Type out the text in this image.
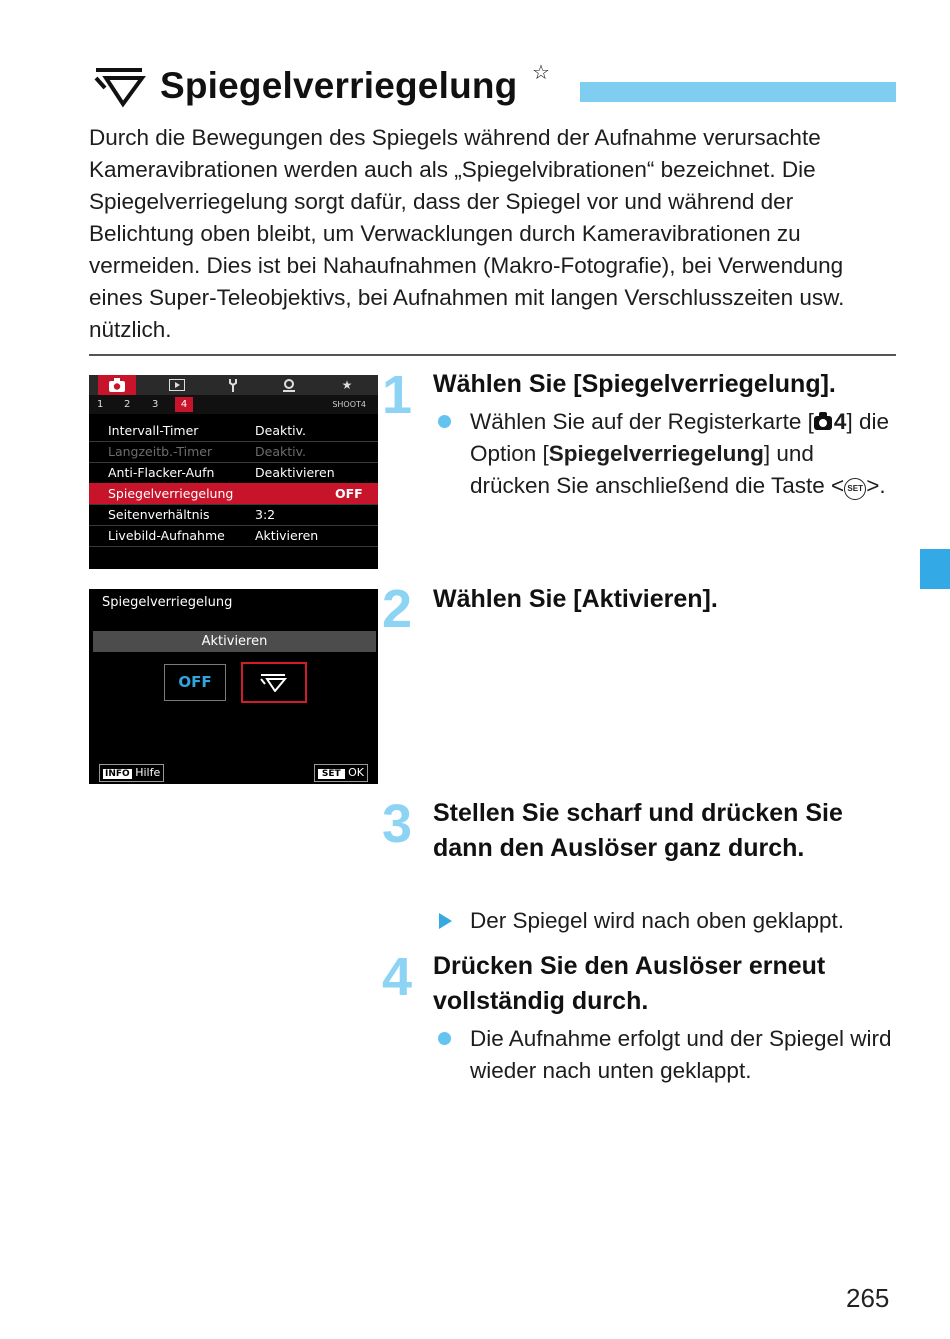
Spiegelverriegelung ☆
Durch die Bewegungen des Spiegels während der Aufnahme verursachte Kameravibrationen werden auch als „Spiegelvibrationen“ bezeichnet. Die Spiegelverriegelung sorgt dafür, dass der Spiegel vor und während der Belichtung oben bleibt, um Verwacklungen durch Kameravibrationen zu vermeiden. Dies ist bei Nahaufnahmen (Makro-Fotografie), bei Verwendung eines Super-Teleobjektivs, bei Aufnahmen mit langen Verschlusszeiten usw. nützlich.
★
1 2 3	4	SHOOT4
Intervall-Timer	Deaktiv.
Langzeitb.-Timer	Deaktiv.
Anti-Flacker-Aufn	Deaktivieren
Spiegelverriegelung	OFF
Seitenverhältnis	3:2
Livebild-Aufnahme Aktivieren
Spiegelverriegelung
Aktivieren
OFF
INFO Hilfe	SET OK
1 Wählen Sie [Spiegelverriegelung].
Wählen Sie auf der Registerkarte [ 4] die Option [Spiegelverriegelung] und drücken Sie anschließend die Taste < SET >.
2 Wählen Sie [Aktivieren].
3 Stellen Sie scharf und drücken Sie dann den Auslöser ganz durch.
Der Spiegel wird nach oben geklappt.
4 Drücken Sie den Auslöser erneut vollständig durch.
Die Aufnahme erfolgt und der Spiegel wird wieder nach unten geklappt.
265
